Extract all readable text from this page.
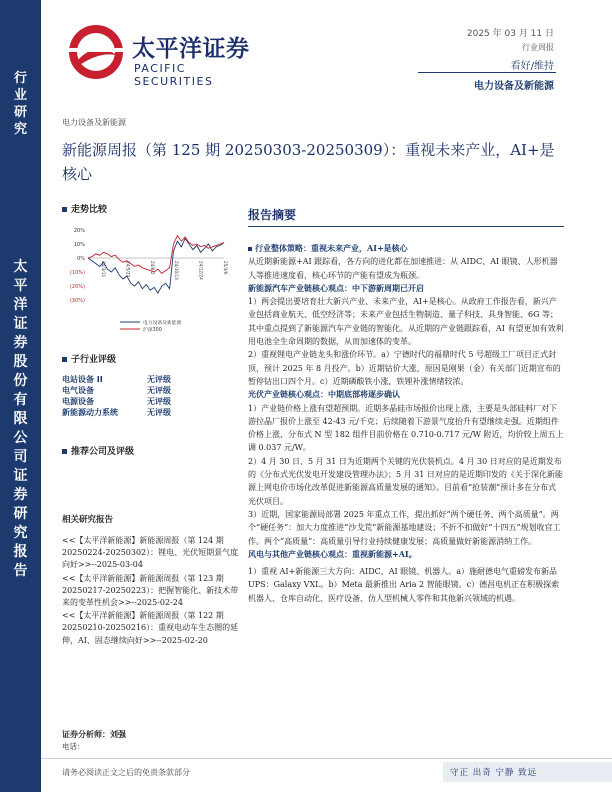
行业研究
太平洋证券股份有限公司证券研究报告
太平洋证券
PACIFIC SECURITIES
2025 年 03 月 11 日
行业周报
看好/维持
电力设备及新能源
电力设备及新能源
新能源周报（第 125 期 20250303-20250309）：重视未来产业，AI+是核心
走势比较
20%
10%
0%
(10%)
(20%)
(30%)
24/3/11	24/5/22	24/8/2	24/10/13	24/12/24	25/3/6
电力设备及新能源
沪深300
子行业评级
电站设备 II	无评级
电气设备	无评级
电源设备	无评级
新能源动力系统	无评级
推荐公司及评级
相关研究报告

<<【太平洋新能源】新能源周报（第 124 期 20250224-20250302）：锂电、光伏短期景气度向好>>--2025-03-04

<<【太平洋新能源】新能源周报（第 123 期 20250217-20250223）：把握智能化、新技术带来的变革性机会>>--2025-02-24

<<【太平洋新能源】新能源周报（第 122 期 20250210-20250216）：重视电动车生态圈的延伸，AI、固态继续向好>>--2025-02-20

证券分析师：刘强
电话：
报告摘要

行业整体策略：重视未来产业，AI+是核心

从近期新能源+AI 跟踪看，各方向的进化都在加速推进：从 AIDC、AI 眼镜、人形机器人等推进速度看，核心环节的产能有望成为瓶颈。

新能源汽车产业链核心观点：中下游新周期已开启

1）两会提出要培育壮大新兴产业、未来产业，AI+是核心。从政府工作报告看，新兴产业包括商业航天、低空经济等；未来产业包括生物制造、量子科技、具身智能、6G 等；其中重点提到了新能源汽车产业链的智能化。从近期的产业链跟踪看，AI 有望更加有效利用电池全生命周期的数据，从而加速体的变革。

2）重视锂电产业链龙头和涨价环节。a）宁德时代的福鼎时代 5 号超级工厂项目正式封顶，预计 2025 年 8 月投产。b）近期钴价大涨，原因是刚果（金）有关部门近期宣布的暂停钴出口四个月。c）近期磷酸铁小涨，铁锂补涨情绪较浓。

光伏产业链核心观点：中期底部将逐步确认

1）产业链价格上涨有望超预期。近期多晶硅市场报价出现上涨，主要是头部硅料厂对下游拉晶厂报价上涨至 42-43 元/千克；后续随着下游景气度抬升有望继续走强。近期组件价格上涨，分布式 N 型 182 组件目前价格在 0.710-0.717 元/W 附近，均价较上周五上调 0.037 元/W。

2）4 月 30 日、5 月 31 日为近期两个关键的光伏装机点。4 月 30 日对应的是近期发布的《分布式光伏发电开发建设管理办法》；5 月 31 日对应的是近期印发的《关于深化新能源上网电价市场化改革促进新能源高质量发展的通知》。目前看“抢装潮”预计多在分布式光伏项目。

3）近期，国家能源局部署 2025 年重点工作，提出抓好“两个硬任务、两个高质量”。两个“硬任务”：加大力度推进“沙戈荒”新能源基地建设；不折不扣做好“十四五”规划收官工作。两个“高质量”：高质量引导行业持续健康发展；高质量做好新能源消纳工作。

风电与其他产业链核心观点：重视新能源+AI。

1）重视 AI+新能源三大方向：AIDC、AI 眼镜、机器人。a）施耐德电气重磅发布新品 UPS：Galaxy VXL。b）Meta 最新推出 Aria 2 智能眼镜。c）德昌电机正在积极探索机器人、仓库自动化、医疗设备、仿人型机械人零件和其他新兴领域的机遇。

请务必阅读正文之后的免责条款部分	守正 出奇 宁静 致远
